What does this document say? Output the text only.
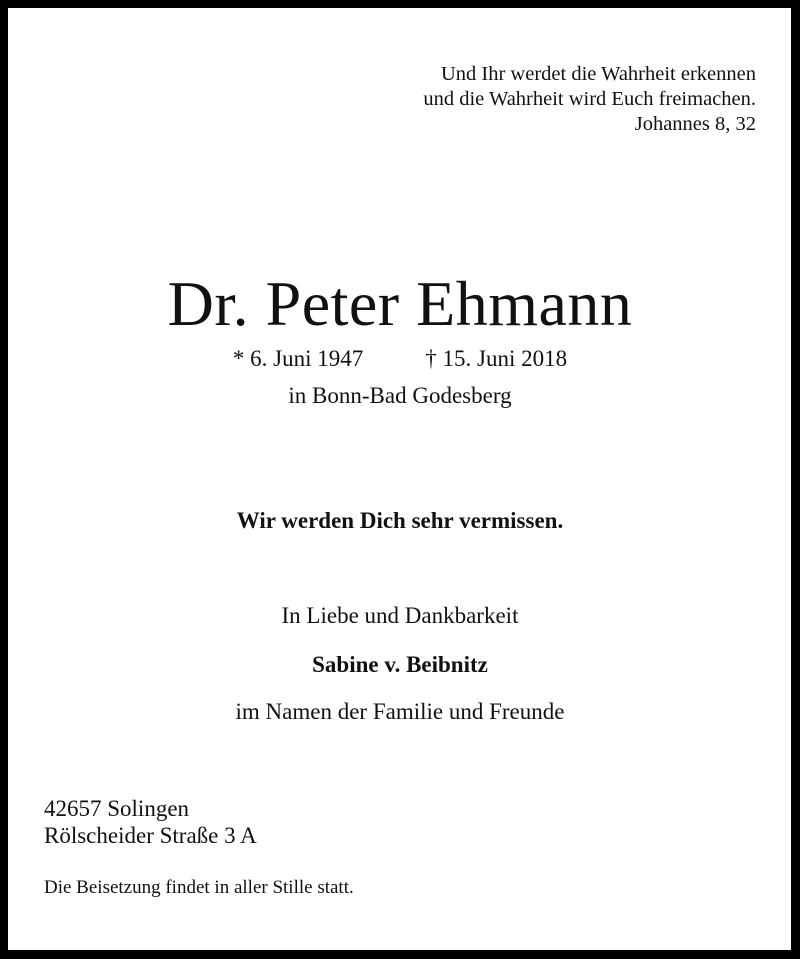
Und Ihr werdet die Wahrheit erkennen
und die Wahrheit wird Euch freimachen.
Johannes 8, 32
Dr. Peter Ehmann
* 6. Juni 1947	† 15. Juni 2018
in Bonn-Bad Godesberg
Wir werden Dich sehr vermissen.
In Liebe und Dankbarkeit
Sabine v. Beibnitz
im Namen der Familie und Freunde
42657 Solingen
Rölscheider Straße 3 A
Die Beisetzung findet in aller Stille statt.
